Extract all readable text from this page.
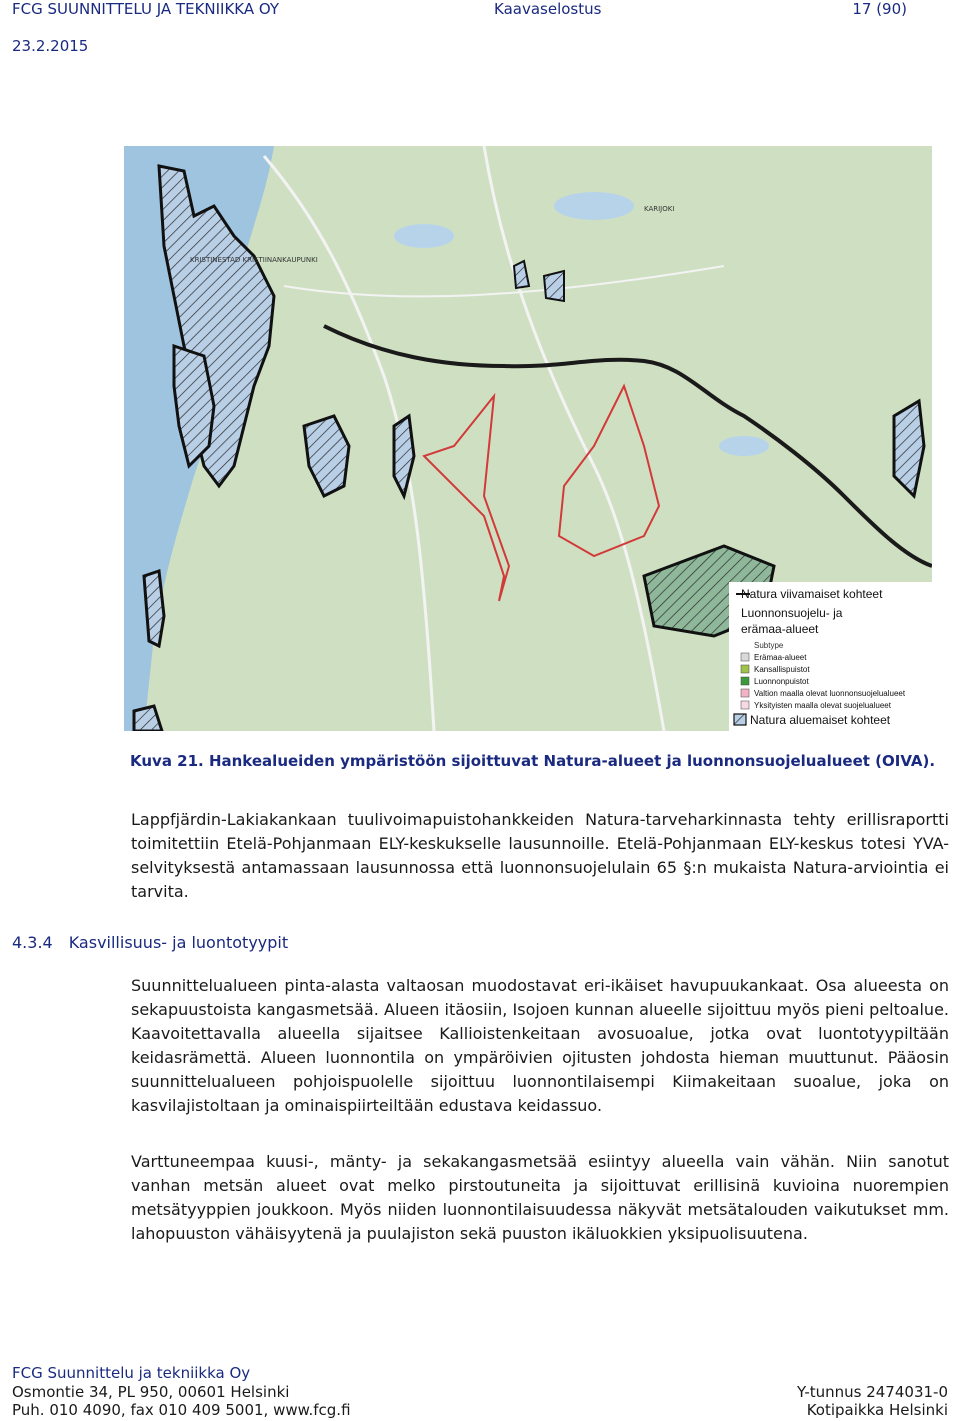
FCG SUUNNITTELU JA TEKNIIKKA OY	Kaavaselostus	17 (90)
23.2.2015
KRISTINESTAD KRISTIINANKAUPUNKI
KARIJOKI
Natura viivamaiset kohteet
Luonnonsuojelu- ja
erämaa-alueet
Subtype
Erämaa-alueet
Kansallispuistot
Luonnonpuistot
Valtion maalla olevat luonnonsuojelualueet
Yksityisten maalla olevat suojelualueet
Natura aluemaiset kohteet
Kuva 21. Hankealueiden ympäristöön sijoittuvat Natura-alueet ja luonnonsuojelualueet (OIVA).

Lappfjärdin-Lakiakankaan tuulivoimapuistohankkeiden Natura-tarveharkinnasta tehty erillisraportti toimitettiin Etelä-Pohjanmaan ELY-keskukselle lausunnoille. Etelä-Pohjanmaan ELY-keskus totesi YVA-selvityksestä antamassaan lausunnossa että luonnonsuojelulain 65 §:n mukaista Natura-arviointia ei tarvita.

4.3.4 Kasvillisuus- ja luontotyypit

Suunnittelualueen pinta-alasta valtaosan muodostavat eri-ikäiset havupuukankaat. Osa alueesta on sekapuustoista kangasmetsää. Alueen itäosiin, Isojoen kunnan alueelle sijoittuu myös pieni peltoalue. Kaavoitettavalla alueella sijaitsee Kallioistenkeitaan avosuoalue, jotka ovat luontotyypiltään keidasrämettä. Alueen luonnontila on ympäröivien ojitusten johdosta hieman muuttunut. Pääosin suunnittelualueen pohjoispuolelle sijoittuu luonnontilaisempi Kiimakeitaan suoalue, joka on kasvilajistoltaan ja ominaispiirteiltään edustava keidassuo.

Varttuneempaa kuusi-, mänty- ja sekakangasmetsää esiintyy alueella vain vähän. Niin sanotut vanhan metsän alueet ovat melko pirstoutuneita ja sijoittuvat erillisinä kuvioina nuorempien metsätyyppien joukkoon. Myös niiden luonnontilaisuudessa näkyvät metsätalouden vaikutukset mm. lahopuuston vähäisyytenä ja puulajiston sekä puuston ikäluokkien yksipuolisuutena.

FCG Suunnittelu ja tekniikka Oy
Osmontie 34, PL 950, 00601 Helsinki
Puh. 010 4090, fax 010 409 5001, www.fcg.fi
Y-tunnus 2474031-0
Kotipaikka Helsinki
